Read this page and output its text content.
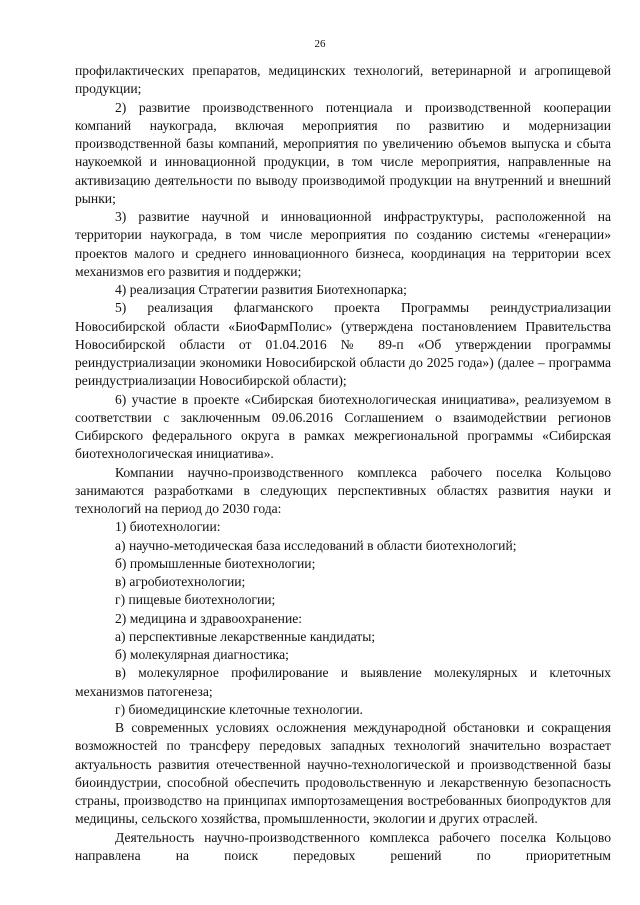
26

профилактических препаратов, медицинских технологий, ветеринарной и агропищевой продукции;

2) развитие производственного потенциала и производственной кооперации компаний наукограда, включая мероприятия по развитию и модернизации производственной базы компаний, мероприятия по увеличению объемов выпуска и сбыта наукоемкой и инновационной продукции, в том числе мероприятия, направленные на активизацию деятельности по выводу производимой продукции на внутренний и внешний рынки;

3) развитие научной и инновационной инфраструктуры, расположенной на территории наукограда, в том числе мероприятия по созданию системы «генерации» проектов малого и среднего инновационного бизнеса, координация на территории всех механизмов его развития и поддержки;

4) реализация Стратегии развития Биотехнопарка;

5) реализация флагманского проекта Программы реиндустриализации Новосибирской области «БиоФармПолис» (утверждена постановлением Правительства Новосибирской области от 01.04.2016 № 89-п «Об утверждении программы реиндустриализации экономики Новосибирской области до 2025 года») (далее – программа реиндустриализации Новосибирской области);

6) участие в проекте «Сибирская биотехнологическая инициатива», реализуемом в соответствии с заключенным 09.06.2016 Соглашением о взаимодействии регионов Сибирского федерального округа в рамках межрегиональной программы «Сибирская биотехнологическая инициатива».

Компании научно-производственного комплекса рабочего поселка Кольцово занимаются разработками в следующих перспективных областях развития науки и технологий на период до 2030 года:

1) биотехнологии:

а) научно-методическая база исследований в области биотехнологий;

б) промышленные биотехнологии;

в) агробиотехнологии;

г) пищевые биотехнологии;

2) медицина и здравоохранение:

а) перспективные лекарственные кандидаты;

б) молекулярная диагностика;

в) молекулярное профилирование и выявление молекулярных и клеточных механизмов патогенеза;

г) биомедицинские клеточные технологии.

В современных условиях осложнения международной обстановки и сокращения возможностей по трансферу передовых западных технологий значительно возрастает актуальность развития отечественной научно-технологической и производственной базы биоиндустрии, способной обеспечить продовольственную и лекарственную безопасность страны, производство на принципах импортозамещения востребованных биопродуктов для медицины, сельского хозяйства, промышленности, экологии и других отраслей.

Деятельность научно-производственного комплекса рабочего поселка Кольцово направлена на поиск передовых решений по приоритетным
